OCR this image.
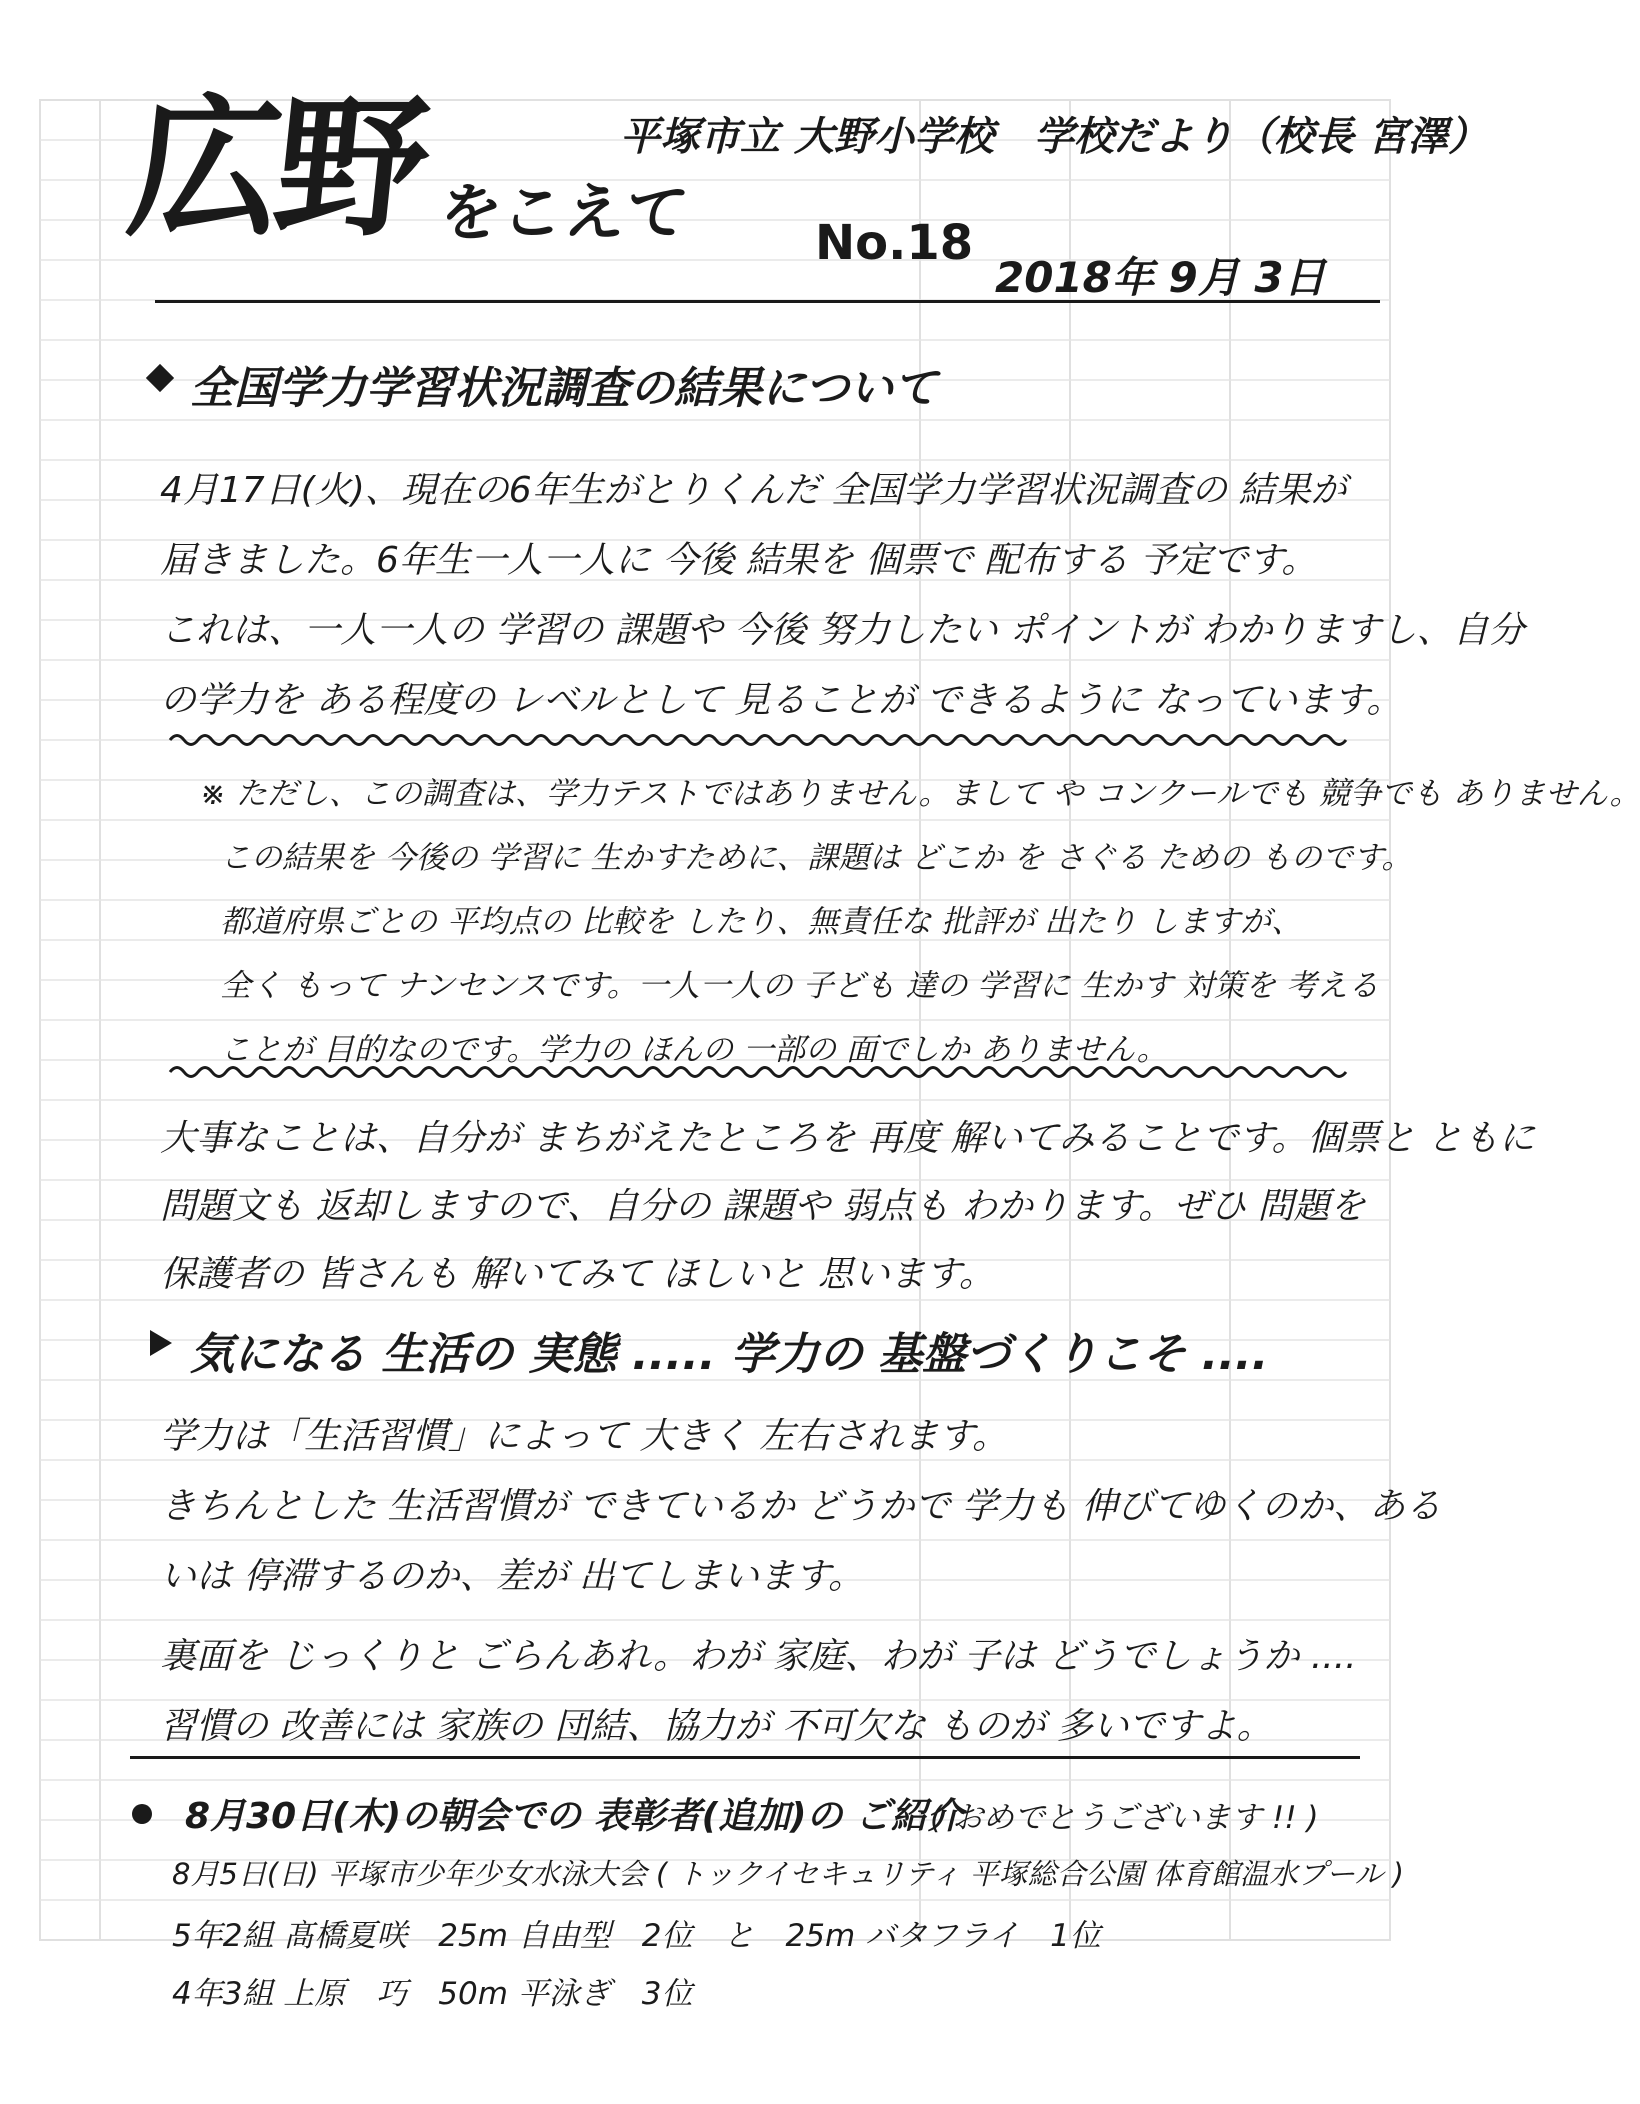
広野 をこえて
平塚市立 大野小学校　学校だより（校長 宮澤）
No.18
2018年 9月 3日
全国学力学習状況調査の結果について
4月17日(火)、現在の6年生がとりくんだ 全国学力学習状況調査の 結果が
届きました。6年生一人一人に 今後 結果を 個票で 配布する 予定です。
これは、一人一人の 学習の 課題や 今後 努力したい ポイントが わかりますし、自分
の学力を ある程度の レベルとして 見ることが できるように なっています。
※ ただし、この調査は、学力テストではありません。まして や コンクールでも 競争でも ありません。
この結果を 今後の 学習に 生かすために、課題は どこか を さぐる ための ものです。
都道府県ごとの 平均点の 比較を したり、無責任な 批評が 出たり しますが、
全く もって ナンセンスです。一人一人の 子ども 達の 学習に 生かす 対策を 考える
ことが 目的なのです。学力の ほんの 一部の 面でしか ありません。
大事なことは、自分が まちがえたところを 再度 解いてみることです。個票と ともに
問題文も 返却しますので、自分の 課題や 弱点も わかります。ぜひ 問題を
保護者の 皆さんも 解いてみて ほしいと 思います。
気になる 生活の 実態 ..... 学力の 基盤づくりこそ ....
学力は「生活習慣」によって 大きく 左右されます。
きちんとした 生活習慣が できているか どうかで 学力も 伸びてゆくのか、ある
いは 停滞するのか、差が 出てしまいます。
裏面を じっくりと ごらんあれ。わが 家庭、わが 子は どうでしょうか ....
習慣の 改善には 家族の 団結、協力が 不可欠な ものが 多いですよ。
8月30日(木)の朝会での 表彰者(追加)の ご紹介
( おめでとうございます !! )
8月5日(日) 平塚市少年少女水泳大会 ( トックイセキュリティ 平塚総合公園 体育館温水プール )
5年2組 髙橋夏咲　25m 自由型　2位　と　25m バタフライ　1位
4年3組 上原　巧　50m 平泳ぎ　3位
